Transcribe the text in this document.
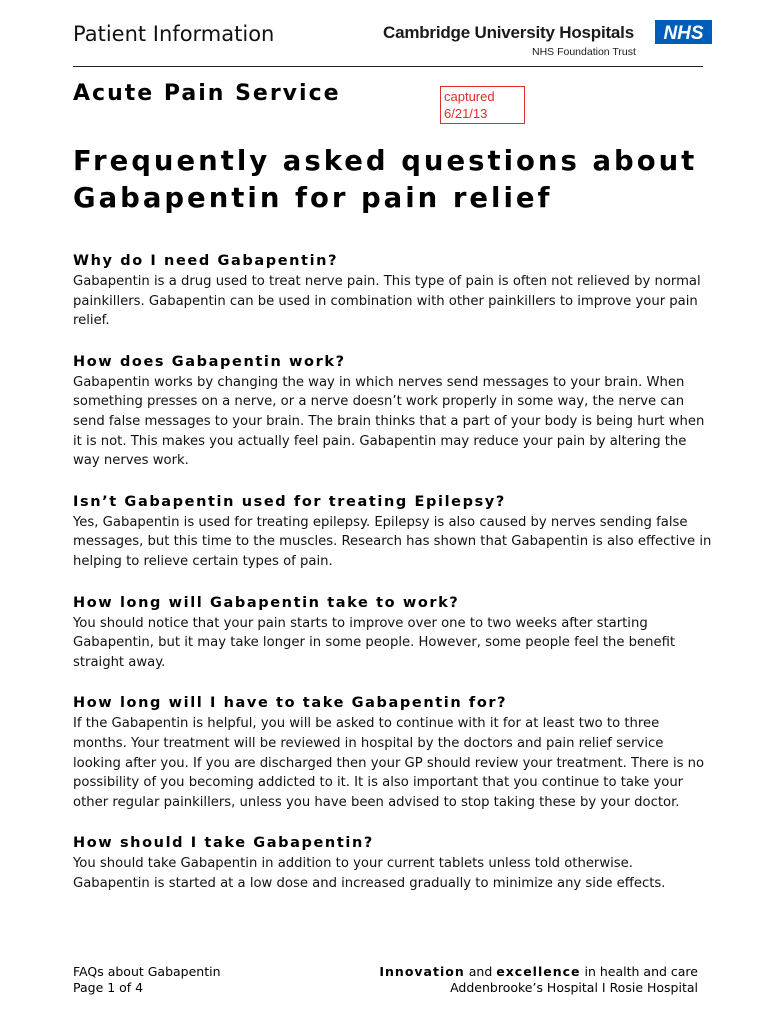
Patient Information	Cambridge University Hospitals
NHS Foundation Trust
NHS
Acute Pain Service	captured
6/21/13
Frequently asked questions about
Gabapentin for pain relief

Why do I need Gabapentin?

Gabapentin is a drug used to treat nerve pain. This type of pain is often not relieved by normal painkillers. Gabapentin can be used in combination with other painkillers to improve your pain relief.

How does Gabapentin work?

Gabapentin works by changing the way in which nerves send messages to your brain. When something presses on a nerve, or a nerve doesn’t work properly in some way, the nerve can send false messages to your brain. The brain thinks that a part of your body is being hurt when it is not. This makes you actually feel pain. Gabapentin may reduce your pain by altering the way nerves work.

Isn’t Gabapentin used for treating Epilepsy?

Yes, Gabapentin is used for treating epilepsy. Epilepsy is also caused by nerves sending false messages, but this time to the muscles. Research has shown that Gabapentin is also effective in helping to relieve certain types of pain.

How long will Gabapentin take to work?

You should notice that your pain starts to improve over one to two weeks after starting Gabapentin, but it may take longer in some people. However, some people feel the benefit straight away.

How long will I have to take Gabapentin for?

If the Gabapentin is helpful, you will be asked to continue with it for at least two to three months. Your treatment will be reviewed in hospital by the doctors and pain relief service looking after you. If you are discharged then your GP should review your treatment. There is no possibility of you becoming addicted to it. It is also important that you continue to take your other regular painkillers, unless you have been advised to stop taking these by your doctor.

How should I take Gabapentin?

You should take Gabapentin in addition to your current tablets unless told otherwise. Gabapentin is started at a low dose and increased gradually to minimize any side effects.

FAQs about Gabapentin
Page 1 of 4
Innovation and excellence in health and care
Addenbrooke’s Hospital I Rosie Hospital
